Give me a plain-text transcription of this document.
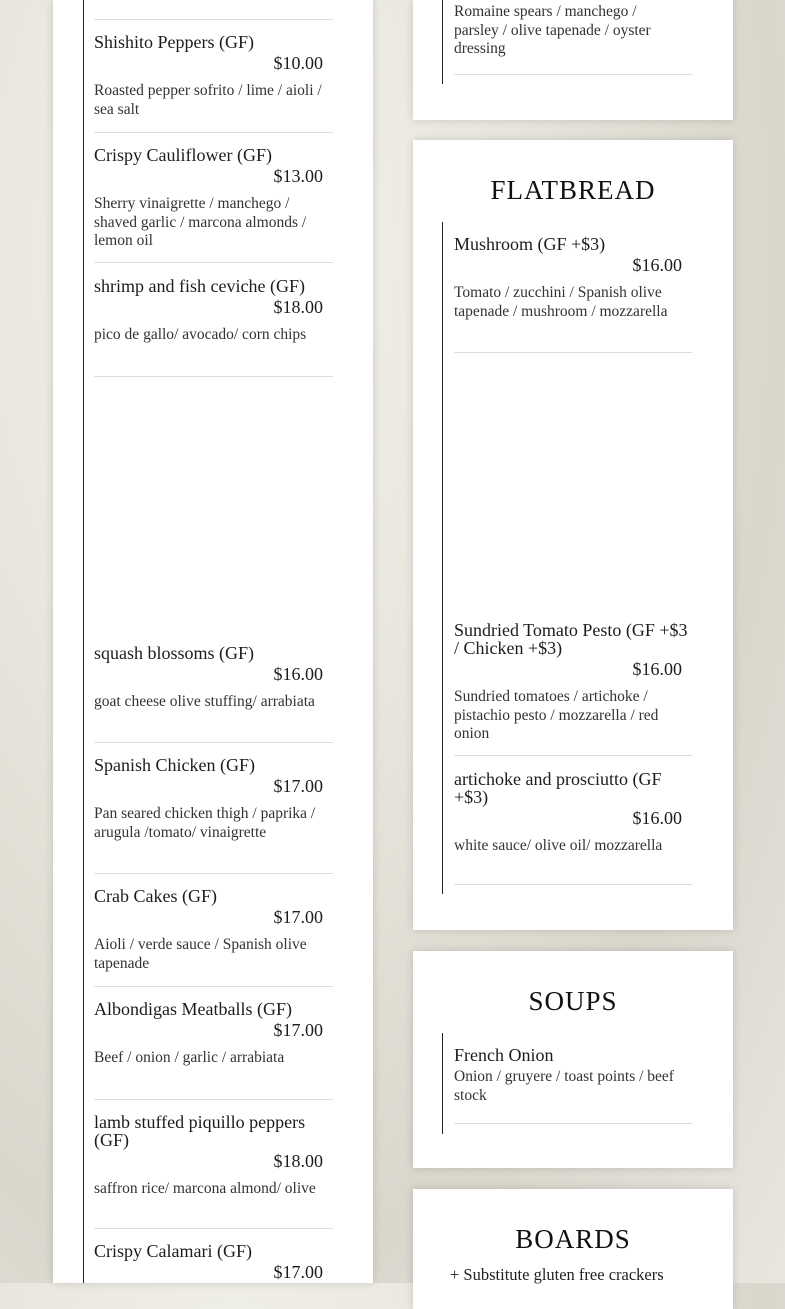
Shishito Peppers (GF)
$10.00
Roasted pepper sofrito / lime / aioli / sea salt
Crispy Cauliflower (GF)
$13.00
Sherry vinaigrette / manchego / shaved garlic / marcona almonds / lemon oil
shrimp and fish ceviche (GF)
$18.00
pico de gallo/ avocado/ corn chips
squash blossoms (GF)
$16.00
goat cheese olive stuffing/ arrabiata
Spanish Chicken (GF)
$17.00
Pan seared chicken thigh / paprika / arugula /tomato/ vinaigrette
Crab Cakes (GF)
$17.00
Aioli / verde sauce / Spanish olive tapenade
Albondigas Meatballs (GF)
$17.00
Beef / onion / garlic / arrabiata
lamb stuffed piquillo peppers (GF)
$18.00
saffron rice/ marcona almond/ olive
Crispy Calamari (GF)
$17.00
Romaine spears / manchego / parsley / olive tapenade / oyster dressing
FLATBREAD
Mushroom (GF +$3)
$16.00
Tomato / zucchini / Spanish olive tapenade / mushroom / mozzarella
Sundried Tomato Pesto (GF +$3 / Chicken +$3)
$16.00
Sundried tomatoes / artichoke / pistachio pesto / mozzarella / red onion
artichoke and prosciutto (GF +$3)
$16.00
white sauce/ olive oil/ mozzarella
SOUPS
French Onion
Onion / gruyere / toast points / beef stock
BOARDS
+ Substitute gluten free crackers
